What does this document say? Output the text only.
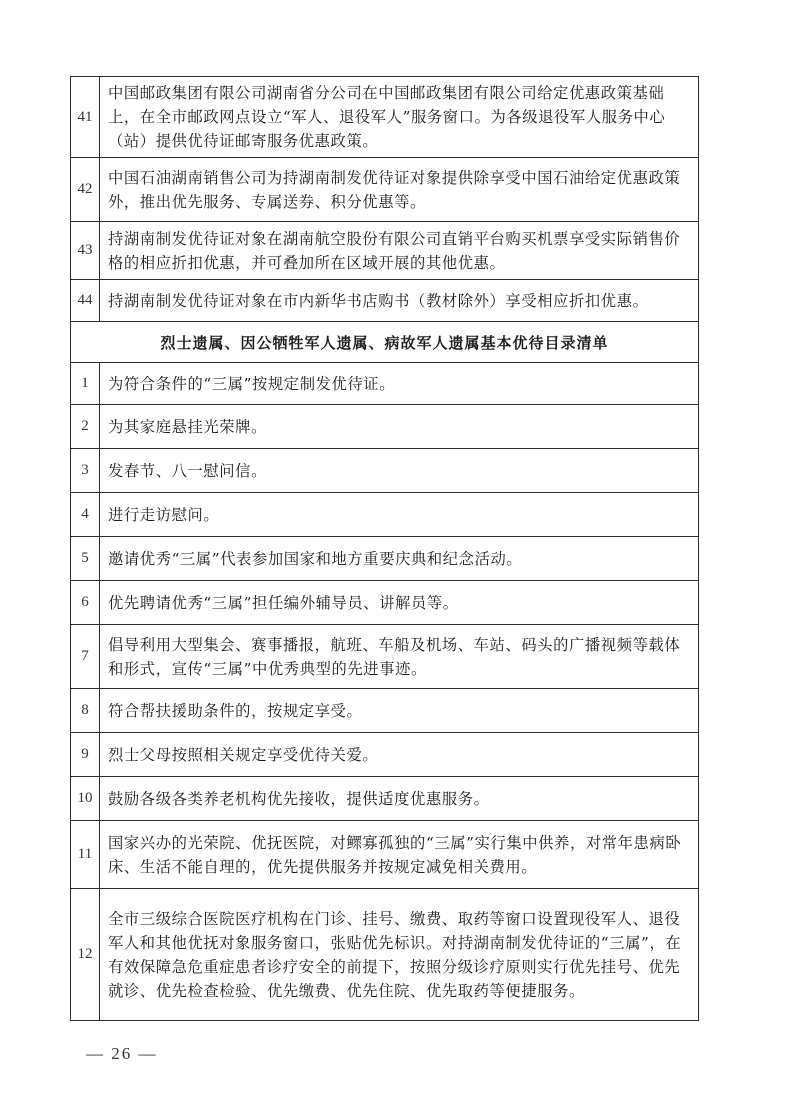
41	中国邮政集团有限公司湖南省分公司在中国邮政集团有限公司给定优惠政策基础上，在全市邮政网点设立“军人、退役军人”服务窗口。为各级退役军人服务中心（站）提供优待证邮寄服务优惠政策。
42	中国石油湖南销售公司为持湖南制发优待证对象提供除享受中国石油给定优惠政策外，推出优先服务、专属送券、积分优惠等。
43	持湖南制发优待证对象在湖南航空股份有限公司直销平台购买机票享受实际销售价格的相应折扣优惠，并可叠加所在区域开展的其他优惠。
44	持湖南制发优待证对象在市内新华书店购书（教材除外）享受相应折扣优惠。
烈士遗属、因公牺牲军人遗属、病故军人遗属基本优待目录清单	
1	为符合条件的“三属”按规定制发优待证。
2	为其家庭悬挂光荣牌。
3	发春节、八一慰问信。
4	进行走访慰问。
5	邀请优秀“三属”代表参加国家和地方重要庆典和纪念活动。
6	优先聘请优秀“三属”担任编外辅导员、讲解员等。
7	倡导利用大型集会、赛事播报，航班、车船及机场、车站、码头的广播视频等载体和形式，宣传“三属”中优秀典型的先进事迹。
8	符合帮扶援助条件的，按规定享受。
9	烈士父母按照相关规定享受优待关爱。
10	鼓励各级各类养老机构优先接收，提供适度优惠服务。
11	国家兴办的光荣院、优抚医院，对鳏寡孤独的“三属”实行集中供养，对常年患病卧床、生活不能自理的，优先提供服务并按规定减免相关费用。
12	全市三级综合医院医疗机构在门诊、挂号、缴费、取药等窗口设置现役军人、退役军人和其他优抚对象服务窗口，张贴优先标识。对持湖南制发优待证的“三属”，在有效保障急危重症患者诊疗安全的前提下，按照分级诊疗原则实行优先挂号、优先就诊、优先检查检验、优先缴费、优先住院、优先取药等便捷服务。
— 26 —
